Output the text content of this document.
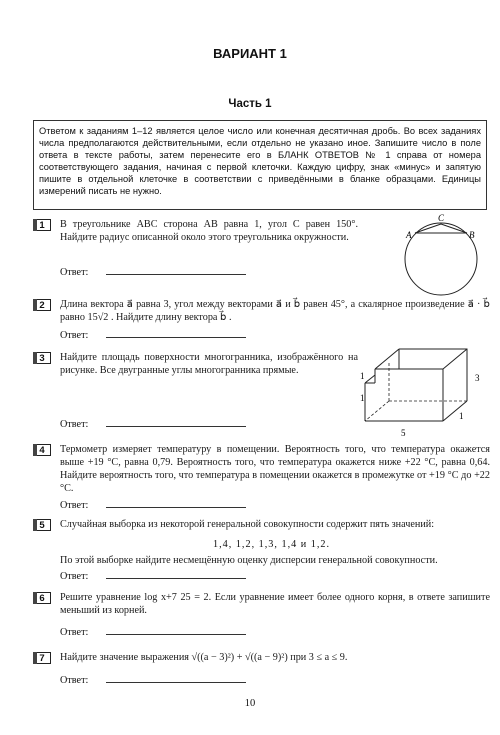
ВАРИАНТ 1
Часть 1
Ответом к заданиям 1–12 является целое число или конечная десятичная дробь. Во всех заданиях числа предполагаются действительными, если отдельно не указано иное. Запишите число в поле ответа в тексте работы, затем перенесите его в БЛАНК ОТВЕТОВ № 1 справа от номера соответствующего задания, начиная с первой клеточки. Каждую цифру, знак «минус» и запятую пишите в отдельной клеточке в соответствии с приведёнными в бланке образцами. Единицы измерений писать не нужно.
1	В треугольнике ABC сторона AB равна 1, угол C равен 150°. Найдите радиус описанной около этого треугольника окружности.
Ответ:
A	B
C
2	Длина вектора a⃗ равна 3, угол между векторами a⃗ и b⃗ равен 45°, а скалярное произведение a⃗ · b⃗ равно 15√2 . Найдите длину вектора b⃗ .
Ответ:
3	Найдите площадь поверхности многогранника, изображённого на рисунке. Все двугранные углы многогранника прямые.
Ответ:
1
1
3
1
5
4	Термометр измеряет температуру в помещении. Вероятность того, что температура окажется выше +19 °C, равна 0,79. Вероятность того, что температура окажется ниже +22 °C, равна 0,64. Найдите вероятность того, что температура в помещении окажется в промежутке от +19 °C до +22 °C.
Ответ:
5	Случайная выборка из некоторой генеральной совокупности содержит пять значений:
1,4, 1,2, 1,3, 1,4 и 1,2.
По этой выборке найдите несмещённую оценку дисперсии генеральной совокупности.
Ответ:
6	Решите уравнение log x+7 25 = 2. Если уравнение имеет более одного корня, в ответе запишите меньший из корней.
Ответ:
7	Найдите значение выражения √((a − 3)²) + √((a − 9)²) при 3 ≤ a ≤ 9.
Ответ:
10
